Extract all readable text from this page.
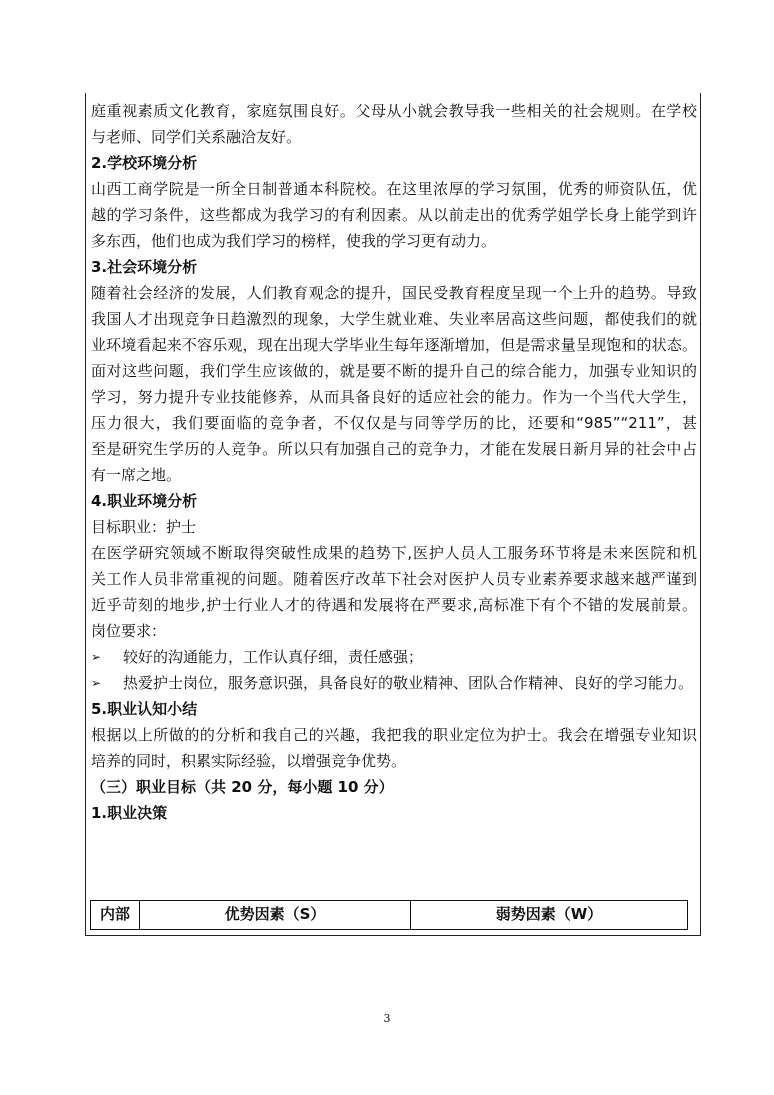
庭重视素质文化教育，家庭氛围良好。父母从小就会教导我一些相关的社会规则。在学校
与老师、同学们关系融洽友好。
2.学校环境分析
山西工商学院是一所全日制普通本科院校。在这里浓厚的学习氛围，优秀的师资队伍，优
越的学习条件，这些都成为我学习的有利因素。从以前走出的优秀学姐学长身上能学到许
多东西，他们也成为我们学习的榜样，使我的学习更有动力。
3.社会环境分析
随着社会经济的发展，人们教育观念的提升，国民受教育程度呈现一个上升的趋势。导致
我国人才出现竞争日趋激烈的现象，大学生就业难、失业率居高这些问题，都使我们的就
业环境看起来不容乐观，现在出现大学毕业生每年逐渐增加，但是需求量呈现饱和的状态。
面对这些问题，我们学生应该做的，就是要不断的提升自己的综合能力，加强专业知识的
学习，努力提升专业技能修养，从而具备良好的适应社会的能力。作为一个当代大学生，
压力很大，我们要面临的竞争者，不仅仅是与同等学历的比，还要和“985”“211”，甚
至是研究生学历的人竞争。所以只有加强自己的竞争力，才能在发展日新月异的社会中占
有一席之地。
4.职业环境分析
目标职业：护士
在医学研究领域不断取得突破性成果的趋势下,医护人员人工服务环节将是未来医院和机
关工作人员非常重视的问题。随着医疗改革下社会对医护人员专业素养要求越来越严谨到
近乎苛刻的地步,护士行业人才的待遇和发展将在严要求,高标准下有个不错的发展前景。
岗位要求：
➢	较好的沟通能力，工作认真仔细，责任感强；
➢	热爱护士岗位，服务意识强，具备良好的敬业精神、团队合作精神、良好的学习能力。
5.职业认知小结
根据以上所做的的分析和我自己的兴趣，我把我的职业定位为护士。我会在增强专业知识
培养的同时，积累实际经验，以增强竞争优势。
（三）职业目标（共 20 分，每小题 10 分）
1.职业决策
内部	优势因素（S）	弱势因素（W）
3
